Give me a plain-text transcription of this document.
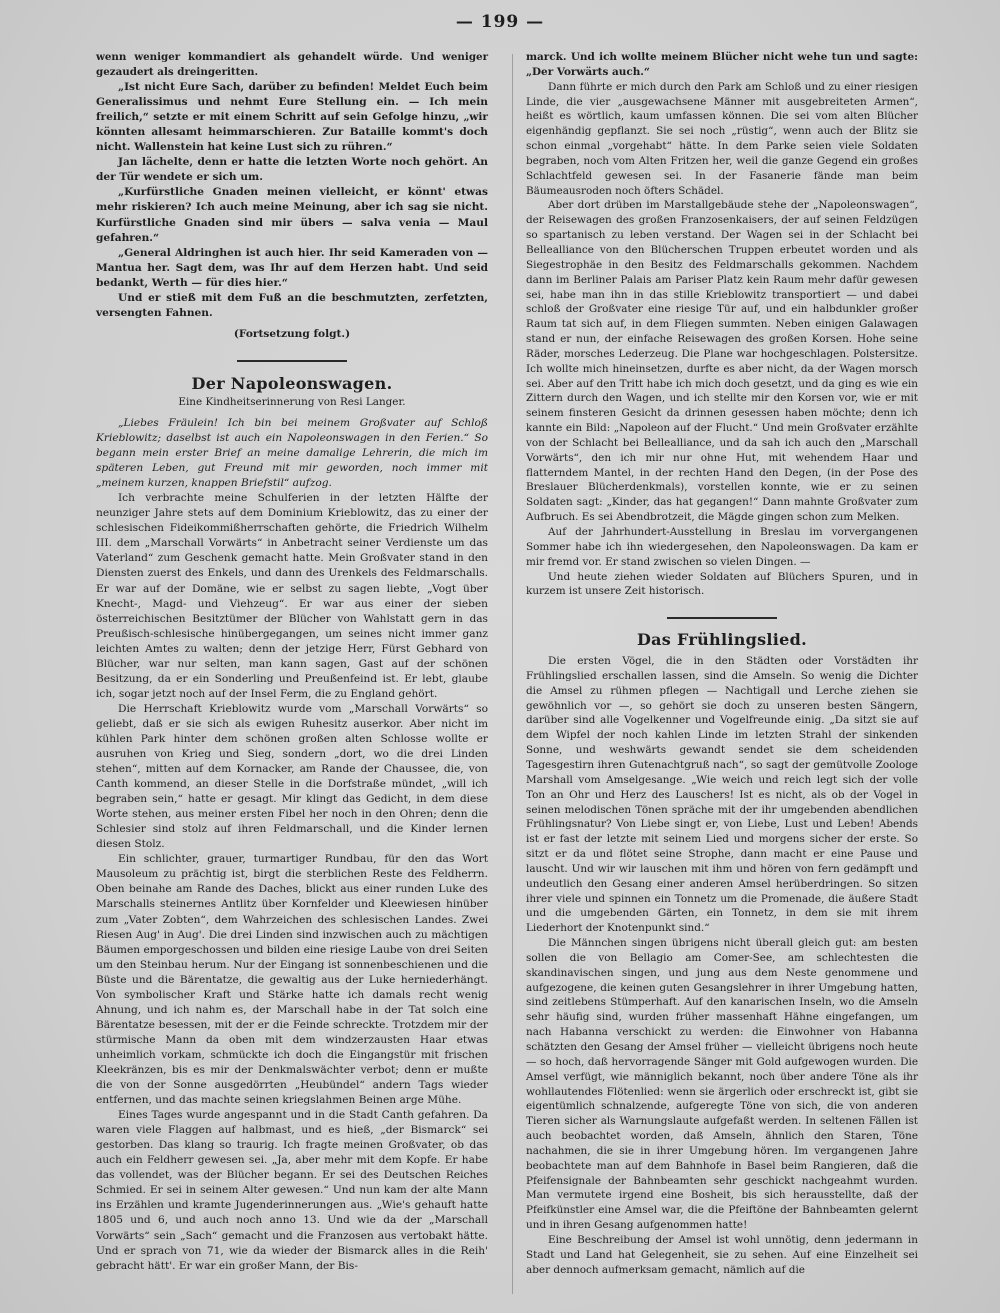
— 199 —

wenn weniger kommandiert als gehandelt würde. Und weniger gezaudert als dreingeritten.

„Ist nicht Eure Sach, darüber zu befinden! Meldet Euch beim Generalissimus und nehmt Eure Stellung ein. — Ich mein freilich,“ setzte er mit einem Schritt auf sein Gefolge hinzu, „wir könnten allesamt heimmarschieren. Zur Bataille kommt's doch nicht. Wallenstein hat keine Lust sich zu rühren.“

Jan lächelte, denn er hatte die letzten Worte noch gehört. An der Tür wendete er sich um.

„Kurfürstliche Gnaden meinen vielleicht, er könnt' etwas mehr riskieren? Ich auch meine Meinung, aber ich sag sie nicht. Kurfürstliche Gnaden sind mir übers — salva venia — Maul gefahren.“

„General Aldringhen ist auch hier. Ihr seid Kameraden von — Mantua her. Sagt dem, was Ihr auf dem Herzen habt. Und seid bedankt, Werth — für dies hier.“

Und er stieß mit dem Fuß an die beschmutzten, zerfetzten, versengten Fahnen.

(Fortsetzung folgt.)

Der Napoleonswagen.

Eine Kindheitserinnerung von Resi Langer.

„Liebes Fräulein! Ich bin bei meinem Großvater auf Schloß Krieblowitz; daselbst ist auch ein Napoleonswagen in den Ferien.“ So begann mein erster Brief an meine damalige Lehrerin, die mich im späteren Leben, gut Freund mit mir geworden, noch immer mit „meinem kurzen, knappen Briefstil“ aufzog.

Ich verbrachte meine Schulferien in der letzten Hälfte der neunziger Jahre stets auf dem Dominium Krieblowitz, das zu einer der schlesischen Fideikommißherrschaften gehörte, die Friedrich Wilhelm III. dem „Marschall Vorwärts“ in Anbetracht seiner Verdienste um das Vaterland“ zum Geschenk gemacht hatte. Mein Großvater stand in den Diensten zuerst des Enkels, und dann des Urenkels des Feldmarschalls. Er war auf der Domäne, wie er selbst zu sagen liebte, „Vogt über Knecht-, Magd- und Viehzeug“. Er war aus einer der sieben österreichischen Besitztümer der Blücher von Wahlstatt gern in das Preußisch-schlesische hinübergegangen, um seines nicht immer ganz leichten Amtes zu walten; denn der jetzige Herr, Fürst Gebhard von Blücher, war nur selten, man kann sagen, Gast auf der schönen Besitzung, da er ein Sonderling und Preußenfeind ist. Er lebt, glaube ich, sogar jetzt noch auf der Insel Ferm, die zu England gehört.

Die Herrschaft Krieblowitz wurde vom „Marschall Vorwärts“ so geliebt, daß er sie sich als ewigen Ruhesitz auserkor. Aber nicht im kühlen Park hinter dem schönen großen alten Schlosse wollte er ausruhen von Krieg und Sieg, sondern „dort, wo die drei Linden stehen“, mitten auf dem Kornacker, am Rande der Chaussee, die, von Canth kommend, an dieser Stelle in die Dorfstraße mündet, „will ich begraben sein,“ hatte er gesagt. Mir klingt das Gedicht, in dem diese Worte stehen, aus meiner ersten Fibel her noch in den Ohren; denn die Schlesier sind stolz auf ihren Feldmarschall, und die Kinder lernen diesen Stolz.

Ein schlichter, grauer, turmartiger Rundbau, für den das Wort Mausoleum zu prächtig ist, birgt die sterblichen Reste des Feldherrn. Oben beinahe am Rande des Daches, blickt aus einer runden Luke des Marschalls steinernes Antlitz über Kornfelder und Kleewiesen hinüber zum „Vater Zobten“, dem Wahrzeichen des schlesischen Landes. Zwei Riesen Aug' in Aug'. Die drei Linden sind inzwischen auch zu mächtigen Bäumen emporgeschossen und bilden eine riesige Laube von drei Seiten um den Steinbau herum. Nur der Eingang ist sonnenbeschienen und die Büste und die Bärentatze, die gewaltig aus der Luke herniederhängt. Von symbolischer Kraft und Stärke hatte ich damals recht wenig Ahnung, und ich nahm es, der Marschall habe in der Tat solch eine Bärentatze besessen, mit der er die Feinde schreckte. Trotzdem mir der stürmische Mann da oben mit dem windzerzausten Haar etwas unheimlich vorkam, schmückte ich doch die Eingangstür mit frischen Kleekränzen, bis es mir der Denkmalswächter verbot; denn er mußte die von der Sonne ausgedörrten „Heubündel“ andern Tags wieder entfernen, und das machte seinen kriegslahmen Beinen arge Mühe.

Eines Tages wurde angespannt und in die Stadt Canth gefahren. Da waren viele Flaggen auf halbmast, und es hieß, „der Bismarck“ sei gestorben. Das klang so traurig. Ich fragte meinen Großvater, ob das auch ein Feldherr gewesen sei. „Ja, aber mehr mit dem Kopfe. Er habe das vollendet, was der Blücher begann. Er sei des Deutschen Reiches Schmied. Er sei in seinem Alter gewesen.“ Und nun kam der alte Mann ins Erzählen und kramte Jugenderinnerungen aus. „Wie's gehauft hatte 1805 und 6, und auch noch anno 13. Und wie da der „Marschall Vorwärts“ sein „Sach“ gemacht und die Franzosen aus vertobakt hätte. Und er sprach von 71, wie da wieder der Bismarck alles in die Reih' gebracht hätt'. Er war ein großer Mann, der Bis-

marck. Und ich wollte meinem Blücher nicht wehe tun und sagte: „Der Vorwärts auch.“

Dann führte er mich durch den Park am Schloß und zu einer riesigen Linde, die vier „ausgewachsene Männer mit ausgebreiteten Armen“, heißt es wörtlich, kaum umfassen können. Die sei vom alten Blücher eigenhändig gepflanzt. Sie sei noch „rüstig“, wenn auch der Blitz sie schon einmal „vorgehabt“ hätte. In dem Parke seien viele Soldaten begraben, noch vom Alten Fritzen her, weil die ganze Gegend ein großes Schlachtfeld gewesen sei. In der Fasanerie fände man beim Bäumeausroden noch öfters Schädel.

Aber dort drüben im Marstallgebäude stehe der „Napoleonswagen“, der Reisewagen des großen Franzosenkaisers, der auf seinen Feldzügen so spartanisch zu leben verstand. Der Wagen sei in der Schlacht bei Belleallianсе von den Blücherschen Truppen erbeutet worden und als Siegestrophäe in den Besitz des Feldmarschalls gekommen. Nachdem dann im Berliner Palais am Pariser Platz kein Raum mehr dafür gewesen sei, habe man ihn in das stille Krieblowitz transportiert — und dabei schloß der Großvater eine riesige Tür auf, und ein halbdunkler großer Raum tat sich auf, in dem Fliegen summten. Neben einigen Galawagen stand er nun, der einfache Reisewagen des großen Korsen. Hohe seine Räder, morsches Lederzeug. Die Plane war hochgeschlagen. Polstersitze. Ich wollte mich hineinsetzen, durfte es aber nicht, da der Wagen morsch sei. Aber auf den Tritt habe ich mich doch gesetzt, und da ging es wie ein Zittern durch den Wagen, und ich stellte mir den Korsen vor, wie er mit seinem finsteren Gesicht da drinnen gesessen haben möchte; denn ich kannte ein Bild: „Napoleon auf der Flucht.“ Und mein Großvater erzählte von der Schlacht bei Belleallianсе, und da sah ich auch den „Marschall Vorwärts“, den ich mir nur ohne Hut, mit wehendem Haar und flatterndem Mantel, in der rechten Hand den Degen, (in der Pose des Breslauer Blücherdenkmals), vorstellen konnte, wie er zu seinen Soldaten sagt: „Kinder, das hat gegangen!“ Dann mahnte Großvater zum Aufbruch. Es sei Abendbrotzeit, die Mägde gingen schon zum Melken.

Auf der Jahrhundert-Ausstellung in Breslau im vorvergangenen Sommer habe ich ihn wiedergesehen, den Napoleonswagen. Da kam er mir fremd vor. Er stand zwischen so vielen Dingen. —

Und heute ziehen wieder Soldaten auf Blüchers Spuren, und in kurzem ist unsere Zeit historisch.

Das Frühlingslied.

Die ersten Vögel, die in den Städten oder Vorstädten ihr Frühlingslied erschallen lassen, sind die Amseln. So wenig die Dichter die Amsel zu rühmen pflegen — Nachtigall und Lerche ziehen sie gewöhnlich vor —, so gehört sie doch zu unseren besten Sängern, darüber sind alle Vogelkenner und Vogelfreunde einig. „Da sitzt sie auf dem Wipfel der noch kahlen Linde im letzten Strahl der sinkenden Sonne, und weshwärts gewandt sendet sie dem scheidenden Tagesgestirn ihren Gutenachtgruß nach“, so sagt der gemütvolle Zoologe Marshall vom Amselgesange. „Wie weich und reich legt sich der volle Ton an Ohr und Herz des Lauschers! Ist es nicht, als ob der Vogel in seinen melodischen Tönen spräche mit der ihr umgebenden abendlichen Frühlingsnatur? Von Liebe singt er, von Liebe, Lust und Leben! Abends ist er fast der letzte mit seinem Lied und morgens sicher der erste. So sitzt er da und flötet seine Strophe, dann macht er eine Pause und lauscht. Und wir wir lauschen mit ihm und hören von fern gedämpft und undeutlich den Gesang einer anderen Amsel herüberdringen. So sitzen ihrer viele und spinnen ein Tonnetz um die Promenade, die äußere Stadt und die umgebenden Gärten, ein Tonnetz, in dem sie mit ihrem Liederhort der Knotenpunkt sind.“

Die Männchen singen übrigens nicht überall gleich gut: am besten sollen die von Bellagio am Comer-See, am schlechtesten die skandinavischen singen, und jung aus dem Neste genommene und aufgezogene, die keinen guten Gesangslehrer in ihrer Umgebung hatten, sind zeitlebens Stümperhaft. Auf den kanarischen Inseln, wo die Amseln sehr häufig sind, wurden früher massenhaft Hähne eingefangen, um nach Habanna verschickt zu werden: die Einwohner von Habanna schätzten den Gesang der Amsel früher — vielleicht übrigens noch heute — so hoch, daß hervorragende Sänger mit Gold aufgewogen wurden. Die Amsel verfügt, wie männiglich bekannt, noch über andere Töne als ihr wohllautendes Flötenlied: wenn sie ärgerlich oder erschreckt ist, gibt sie eigentümlich schnalzende, aufgeregte Töne von sich, die von anderen Tieren sicher als Warnungslaute aufgefaßt werden. In seltenen Fällen ist auch beobachtet worden, daß Amseln, ähnlich den Staren, Töne nachahmen, die sie in ihrer Umgebung hören. Im vergangenen Jahre beobachtete man auf dem Bahnhofe in Basel beim Rangieren, daß die Pfeifensignale der Bahnbeamten sehr geschickt nachgeahmt wurden. Man vermutete irgend eine Bosheit, bis sich herausstellte, daß der Pfeifkünstler eine Amsel war, die die Pfeiftöne der Bahnbeamten gelernt und in ihren Gesang aufgenommen hatte!

Eine Beschreibung der Amsel ist wohl unnötig, denn jedermann in Stadt und Land hat Gelegenheit, sie zu sehen. Auf eine Einzelheit sei aber dennoch aufmerksam gemacht, nämlich auf die
